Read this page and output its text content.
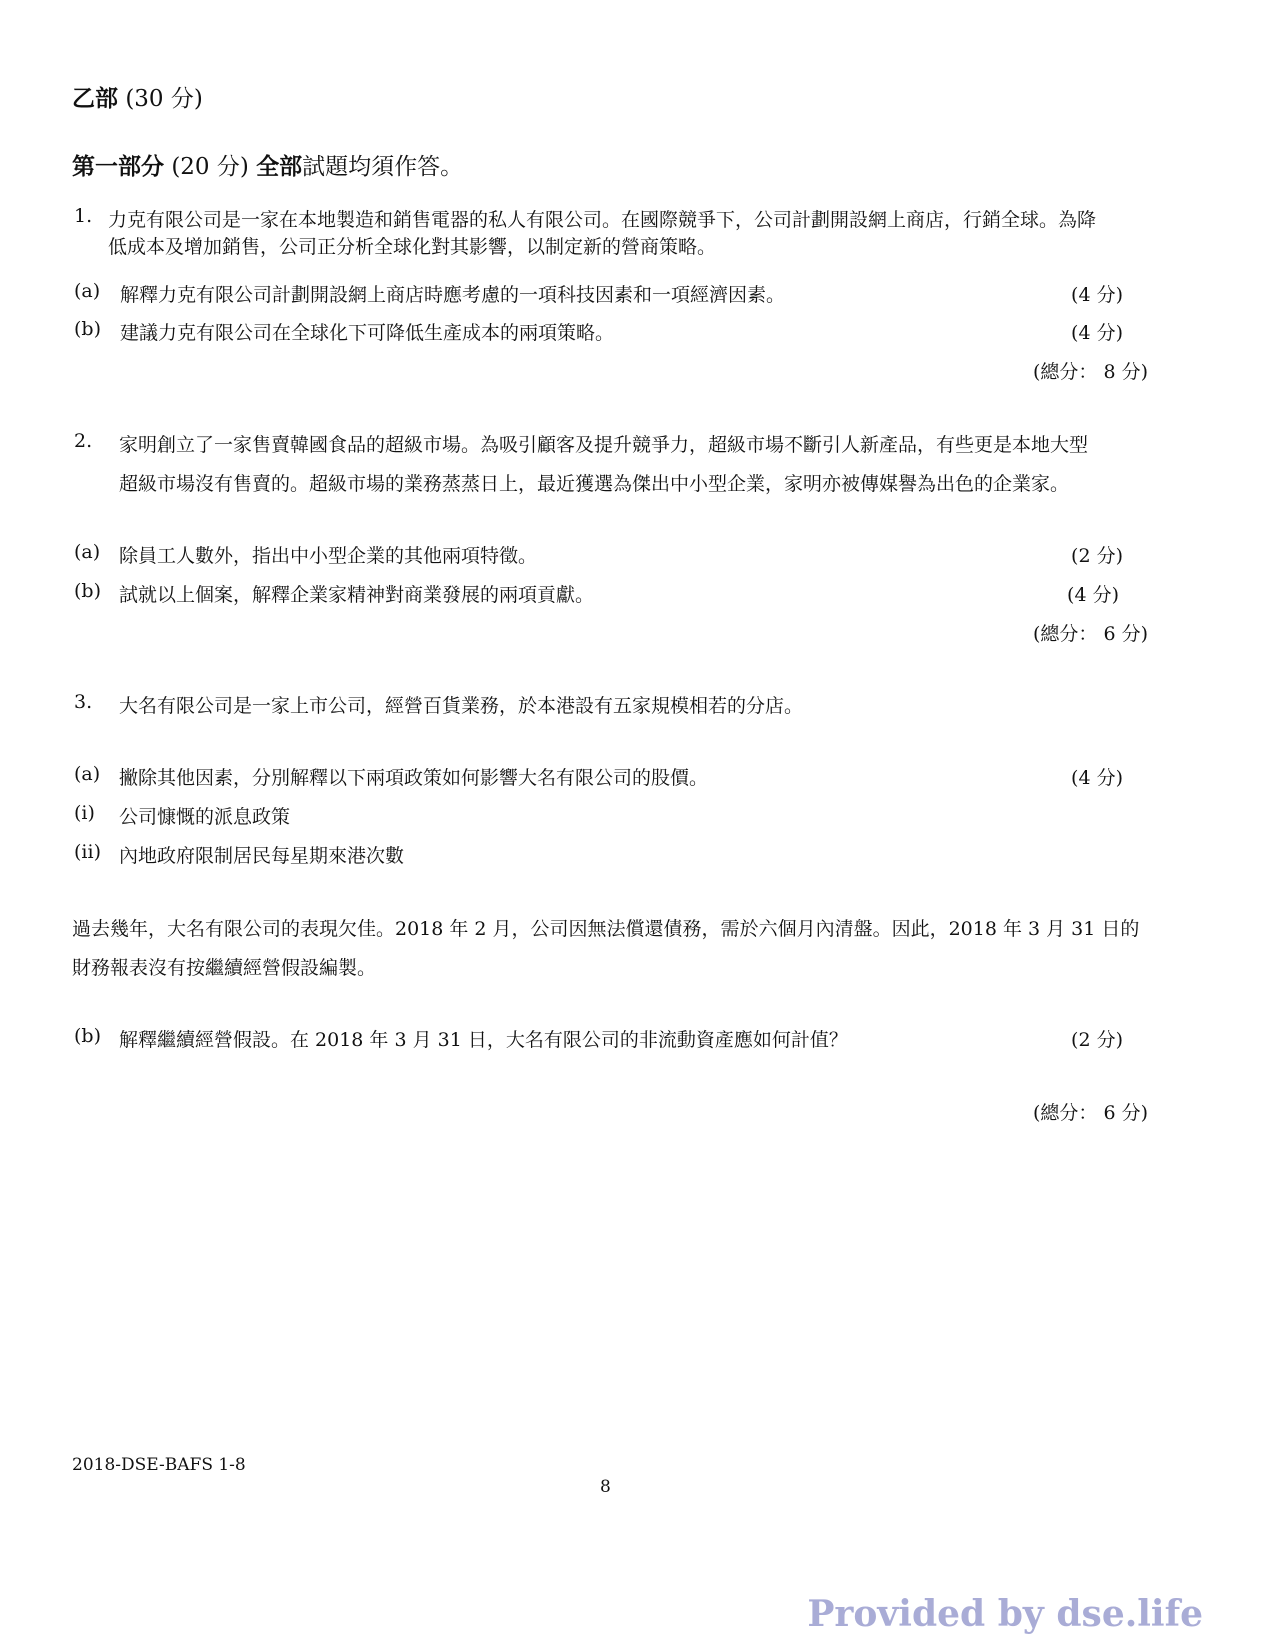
乙部 (30 分)
第一部分 (20 分) 全部試題均須作答。
1. 力克有限公司是一家在本地製造和銷售電器的私人有限公司。在國際競爭下，公司計劃開設網上商店，行銷全球。為降
低成本及增加銷售，公司正分析全球化對其影響，以制定新的營商策略。
(a) 解釋力克有限公司計劃開設網上商店時應考慮的一項科技因素和一項經濟因素。	(4 分)
(b) 建議力克有限公司在全球化下可降低生產成本的兩項策略。	(4 分)
(總分： 8 分)
2. 家明創立了一家售賣韓國食品的超級市場。為吸引顧客及提升競爭力，超級市場不斷引人新產品，有些更是本地大型
超級市場沒有售賣的。超級市場的業務蒸蒸日上，最近獲選為傑出中小型企業，家明亦被傳媒譽為出色的企業家。
(a) 除員工人數外，指出中小型企業的其他兩項特徵。	(2 分)
(b) 試就以上個案，解釋企業家精神對商業發展的兩項貢獻。	(4 分)
(總分： 6 分)
3. 大名有限公司是一家上市公司，經營百貨業務，於本港設有五家規模相若的分店。
(a) 撇除其他因素，分別解釋以下兩項政策如何影響大名有限公司的股價。	(4 分)
(i) 公司慷慨的派息政策
(ii) 內地政府限制居民每星期來港次數
過去幾年，大名有限公司的表現欠佳。2018 年 2 月，公司因無法償還債務，需於六個月內清盤。因此，2018 年 3 月 31 日的
財務報表沒有按繼續經營假設編製。
(b) 解釋繼續經營假設。在 2018 年 3 月 31 日，大名有限公司的非流動資產應如何計值？	(2 分)
(總分： 6 分)
2018-DSE-BAFS 1-8
8
Provided by dse.life
